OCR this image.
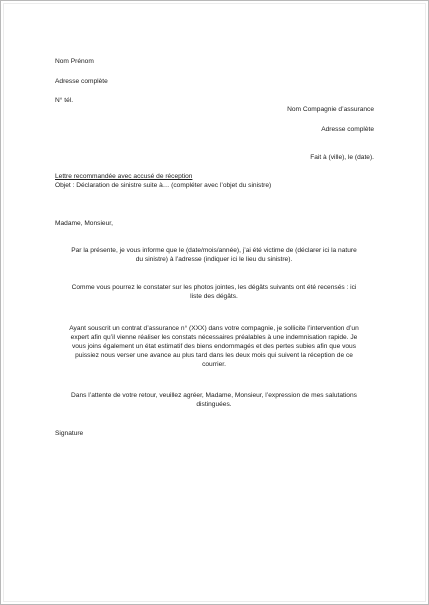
Nom Prénom
Adresse complète
N° tél.
Nom Compagnie d’assurance
Adresse complète
Fait à (ville), le (date).
Lettre recommandée avec accusé de réception
Objet : Déclaration de sinistre suite à… (compléter avec l’objet du sinistre)
Madame, Monsieur,
Par la présente, je vous informe que le (date/mois/année), j’ai été victime de (déclarer ici la nature
du sinistre) à l’adresse (indiquer ici le lieu du sinistre).
Comme vous pourrez le constater sur les photos jointes, les dégâts suivants ont été recensés : ici
liste des dégâts.
Ayant souscrit un contrat d’assurance n° (XXX) dans votre compagnie, je sollicite l’intervention d’un
expert afin qu’il vienne réaliser les constats nécessaires préalables à une indemnisation rapide. Je
vous joins également un état estimatif des biens endommagés et des pertes subies afin que vous
puissiez nous verser une avance au plus tard dans les deux mois qui suivent la réception de ce
courrier.
Dans l’attente de votre retour, veuillez agréer, Madame, Monsieur, l’expression de mes salutations
distinguées.
Signature
